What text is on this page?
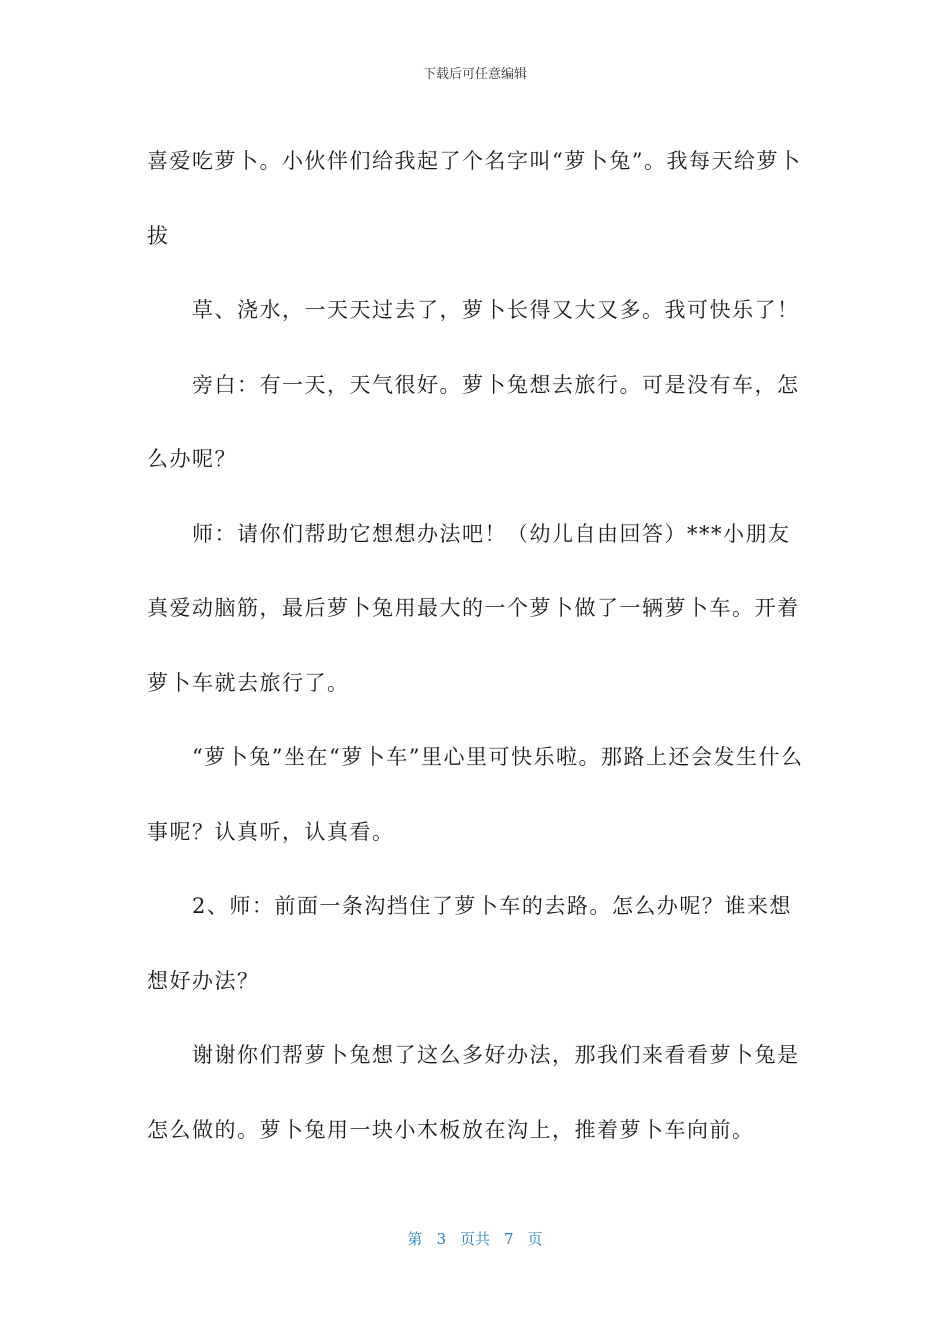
下载后可任意编辑

喜爱吃萝卜。小伙伴们给我起了个名字叫“萝卜兔”。我每天给萝卜拔

草、浇水，一天天过去了，萝卜长得又大又多。我可快乐了！

旁白：有一天，天气很好。萝卜兔想去旅行。可是没有车，怎么办呢？

师：请你们帮助它想想办法吧！（幼儿自由回答）***小朋友真爱动脑筋，最后萝卜兔用最大的一个萝卜做了一辆萝卜车。开着萝卜车就去旅行了。

“萝卜兔”坐在“萝卜车”里心里可快乐啦。那路上还会发生什么事呢？认真听，认真看。

2、师：前面一条沟挡住了萝卜车的去路。怎么办呢？谁来想想好办法？

谢谢你们帮萝卜兔想了这么多好办法，那我们来看看萝卜兔是怎么做的。萝卜兔用一块小木板放在沟上，推着萝卜车向前。

第 3 页共 7 页
